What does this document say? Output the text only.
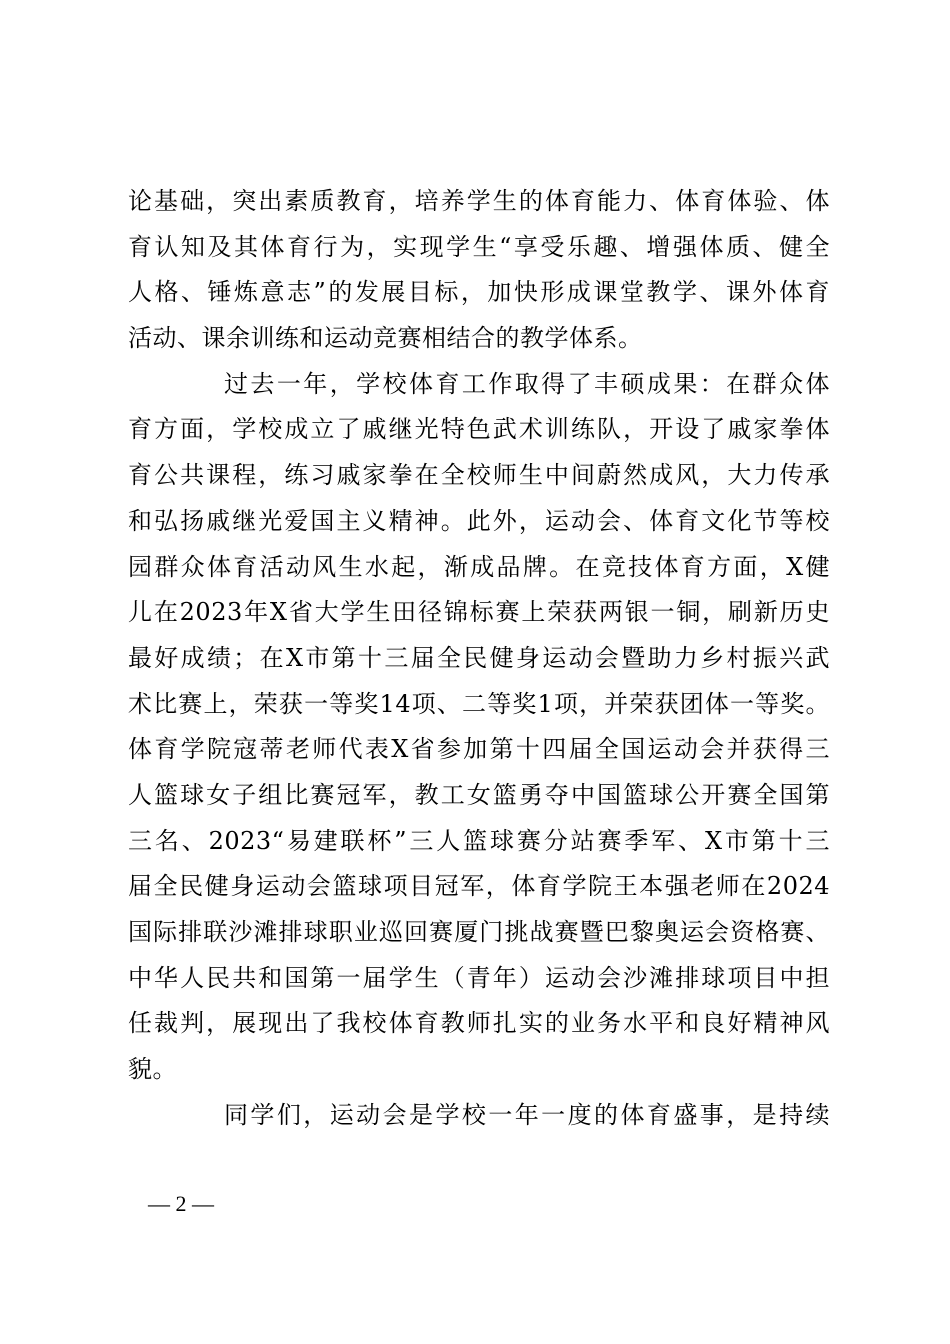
论基础，突出素质教育，培养学生的体育能力、体育体验、体
育认知及其体育行为，实现学生“享受乐趣、增强体质、健全
人格、锤炼意志”的发展目标，加快形成课堂教学、课外体育
活动、课余训练和运动竞赛相结合的教学体系。
过去一年，学校体育工作取得了丰硕成果：在群众体
育方面，学校成立了戚继光特色武术训练队，开设了戚家拳体
育公共课程，练习戚家拳在全校师生中间蔚然成风，大力传承
和弘扬戚继光爱国主义精神。此外，运动会、体育文化节等校
园群众体育活动风生水起，渐成品牌。在竞技体育方面，X健
儿在2023年X省大学生田径锦标赛上荣获两银一铜，刷新历史
最好成绩；在X市第十三届全民健身运动会暨助力乡村振兴武
术比赛上，荣获一等奖14项、二等奖1项，并荣获团体一等奖。
体育学院寇蒂老师代表X省参加第十四届全国运动会并获得三
人篮球女子组比赛冠军，教工女篮勇夺中国篮球公开赛全国第
三名、2023“易建联杯”三人篮球赛分站赛季军、X市第十三
届全民健身运动会篮球项目冠军，体育学院王本强老师在2024
国际排联沙滩排球职业巡回赛厦门挑战赛暨巴黎奥运会资格赛、
中华人民共和国第一届学生（青年）运动会沙滩排球项目中担
任裁判，展现出了我校体育教师扎实的业务水平和良好精神风
貌。
同学们，运动会是学校一年一度的体育盛事，是持续
— 2 —
